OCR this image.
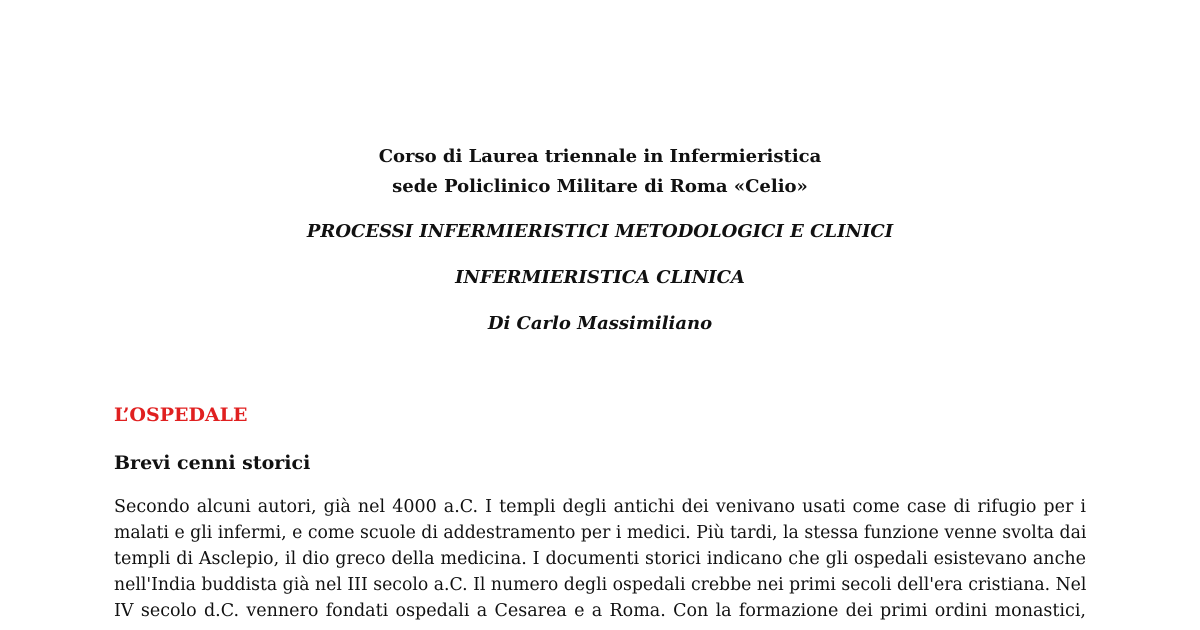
Corso di Laurea triennale in Infermieristica
sede Policlinico Militare di Roma «Celio»
PROCESSI INFERMIERISTICI METODOLOGICI E CLINICI
INFERMIERISTICA CLINICA
Di Carlo Massimiliano
L’OSPEDALE
Brevi cenni storici
Secondo alcuni autori, già nel 4000 a.C. I templi degli antichi dei venivano usati come case di rifugio per i
malati e gli infermi, e come scuole di addestramento per i medici. Più tardi, la stessa funzione venne svolta dai
templi di Asclepio, il dio greco della medicina. I documenti storici indicano che gli ospedali esistevano anche
nell'India buddista già nel III secolo a.C. Il numero degli ospedali crebbe nei primi secoli dell'era cristiana. Nel
IV secolo d.C. vennero fondati ospedali a Cesarea e a Roma. Con la formazione dei primi ordini monastici,
